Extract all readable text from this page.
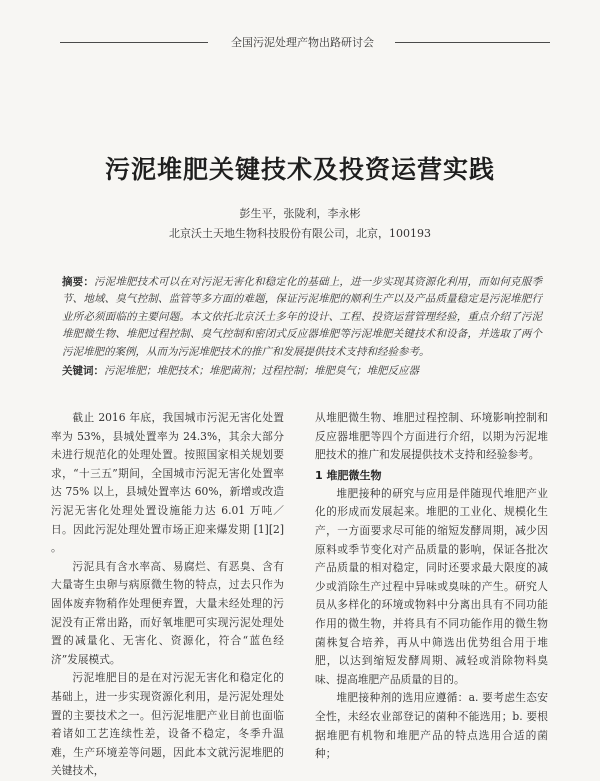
全国污泥处理产物出路研讨会
污泥堆肥关键技术及投资运营实践
彭生平，张陇利，李永彬
北京沃土天地生物科技股份有限公司，北京，100193
摘要：污泥堆肥技术可以在对污泥无害化和稳定化的基础上，进一步实现其资源化利用，而如何克服季节、地域、臭气控制、监管等多方面的难题，保证污泥堆肥的顺利生产以及产品质量稳定是污泥堆肥行业所必须面临的主要问题。本文依托北京沃土多年的设计、工程、投资运营管理经验，重点介绍了污泥堆肥微生物、堆肥过程控制、臭气控制和密闭式反应器堆肥等污泥堆肥关键技术和设备，并选取了两个污泥堆肥的案例，从而为污泥堆肥技术的推广和发展提供技术支持和经验参考。
关键词：污泥堆肥；堆肥技术；堆肥菌剂；过程控制；堆肥臭气；堆肥反应器

截止 2016 年底，我国城市污泥无害化处置率为 53%，县城处置率为 24.3%，其余大部分未进行规范化的处理处置。按照国家相关规划要求，“十三五”期间，全国城市污泥无害化处置率达 75% 以上，县城处置率达 60%，新增或改造污泥无害化处理处置设施能力达 6.01 万吨／日。因此污泥处理处置市场正迎来爆发期 [1][2] 。

污泥具有含水率高、易腐烂、有恶臭、含有大量寄生虫卵与病原微生物的特点，过去只作为固体废弃物稍作处理便弃置，大量未经处理的污泥没有正常出路，而好氧堆肥可实现污泥处理处置的减量化、无害化、资源化，符合“蓝色经济”发展模式。

污泥堆肥目的是在对污泥无害化和稳定化的基础上，进一步实现资源化利用，是污泥处理处置的主要技术之一。但污泥堆肥产业目前也面临着诸如工艺连续性差，设备不稳定，冬季升温难，生产环境差等问题，因此本文就污泥堆肥的关键技术，

从堆肥微生物、堆肥过程控制、环境影响控制和反应器堆肥等四个方面进行介绍，以期为污泥堆肥技术的推广和发展提供技术支持和经验参考。

1 堆肥微生物

堆肥接种的研究与应用是伴随现代堆肥产业化的形成而发展起来。堆肥的工业化、规模化生产，一方面要求尽可能的缩短发酵周期，减少因原料或季节变化对产品质量的影响，保证各批次产品质量的相对稳定，同时还要求最大限度的减少或消除生产过程中异味或臭味的产生。研究人员从多样化的环境或物料中分离出具有不同功能作用的微生物，并将具有不同功能作用的微生物菌株复合培养，再从中筛选出优势组合用于堆肥，以达到缩短发酵周期、减轻或消除物料臭味、提高堆肥产品质量的目的。

堆肥接种剂的选用应遵循：a. 要考虑生态安全性，未经农业部登记的菌种不能选用；b. 要根据堆肥有机物和堆肥产品的特点选用合适的菌种；
